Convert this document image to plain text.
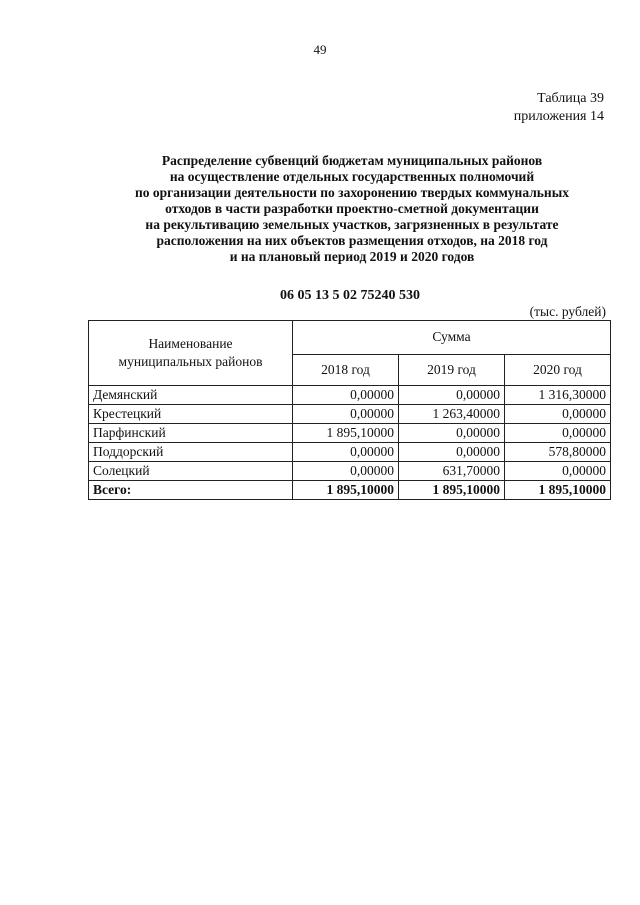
49
Таблица 39
приложения 14
Распределение субвенций бюджетам муниципальных районов
на осуществление отдельных государственных полномочий
по организации деятельности по захоронению твердых коммунальных
отходов в части разработки проектно-сметной документации
на рекультивацию земельных участков, загрязненных в результате
расположения на них объектов размещения отходов, на 2018 год
и на плановый период 2019 и 2020 годов
06 05 13 5 02 75240 530
(тыс. рублей)
Наименование
муниципальных районов	Сумма		
	2018 год	2019 год	2020 год
Демянский	0,00000	0,00000	1 316,30000
Крестецкий	0,00000	1 263,40000	0,00000
Парфинский	1 895,10000	0,00000	0,00000
Поддорский	0,00000	0,00000	578,80000
Солецкий	0,00000	631,70000	0,00000
Всего:	1 895,10000	1 895,10000	1 895,10000
